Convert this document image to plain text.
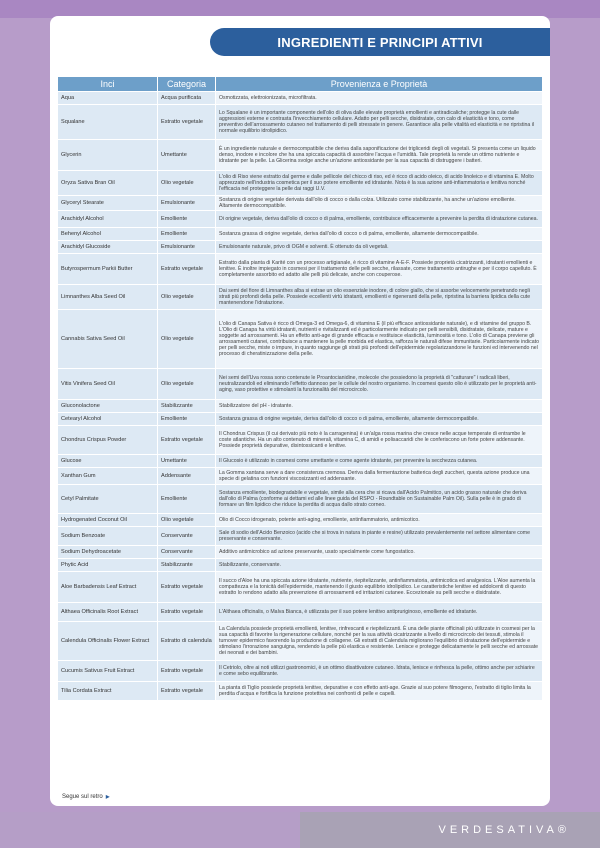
INGREDIENTI E PRINCIPI ATTIVI
Inci	Categoria	Provenienza e Proprietà
Aqua	Acqua purificata	Osmotizzata, elettroionizzata, microfiltrata.
Squalane	Estratto vegetale	Lo Squalane è un importante componente dell'olio di oliva dalle elevate proprietà emollienti e antiradicaliche; protegge la cute dalle aggressioni esterne e contrasta l'invecchiamento cellulare. Adatto per pelli secche, disidratate, con calo di elasticità e tono, come preventivo dell'arrossamento cutaneo nel trattamento di pelli stressate in genere. Garantisce alla pelle vitalità ed elasticità e ne ripristina il normale equilibrio idrolipidico.
Glycerin	Umettante	È un ingrediente naturale e dermocompatibile che deriva dalla saponificazione dei trigliceridi degli oli vegetali. Si presenta come un liquido denso, inodore e incolore che ha una spiccata capacità di assorbire l'acqua e l'umidità. Tale proprietà la rende un ottimo nutriente e idratante per la pelle. La Glicerina svolge anche un'azione antiossidante per la sua capacità di distruggere i batteri.
Oryza Sativa Bran Oil	Olio vegetale	L'olio di Riso viene estratto dal germe e dalle pellicole del chicco di riso, ed è ricco di acido oleico, di acido linoleico e di vitamina E. Molto apprezzato nell'industria cosmetica per il suo potere emolliente ed idratante. Nota è la sua azione anti-infiammatoria e lenitiva nonché l'efficacia nel proteggere la pelle dai raggi U.V.
Glyceryl Stearate	Emulsionante	Sostanza di origine vegetale derivata dall'olio di cocco o dalla colza. Utilizzato come stabilizzante, ha anche un'azione emolliente. Altamente dermocompatibile.
Arachidyl Alcohol	Emolliente	Di origine vegetale, deriva dall'olio di cocco o di palma, emolliente, contribuisce efficacemente a prevenire la perdita di idratazione cutanea.
Behenyl Alcohol	Emolliente	Sostanza grassa di origine vegetale, deriva dall'olio di cocco o di palma, emolliente, altamente dermocompatibile.
Arachidyl Glucoside	Emulsionante	Emulsionante naturale, privo di OGM e solventi. È ottenuto da oli vegetali.
Butyrospermum Parkii Butter	Estratto vegetale	Estratto dalla pianta di Karité con un processo artigianale, è ricco di vitamine A-E-F. Possiede proprietà cicatrizzanti, idratanti emollienti e lenitive. È inoltre impiegato in cosmesi per il trattamento delle pelli secche, rilassate, come trattamento antirughe e per il corpo capelluto. È completamente assorbito ed adatto alle pelli più delicate, anche con couperose.
Limnanthes Alba Seed Oil	Olio vegetale	Dai semi del fiore di Limnanthes alba si estrae un olio essenziale inodore, di colore giallo, che si assorbe velocemente penetrando negli strati più profondi della pelle. Possiede eccellenti virtù idratanti, emollienti e rigeneranti della pelle, ripristina la barriera lipidica della cute mantenendone l'idratazione.
Cannabis Sativa Seed Oil	Olio vegetale	L'olio di Canapa Sativa è ricco di Omega-3 ed Omega-6, di vitamina E (il più efficace antiossidante naturale), e di vitamine del gruppo B. L'Olio di Canapa ha virtù idratanti, nutrienti e rivitalizzanti ed è particolarmente indicato per pelli sensibili, disidratate, delicate, mature e soggette ad arrossamenti. Ha un effetto anti-age di grande efficacia e restituisce elasticità, luminosità e tono. L'olio di Canapa previene gli arrossamenti cutanei, contribuisce a mantenere la pelle morbida ed elastica, rafforza le naturali difese immunitarie. Particolarmente indicato per pelli secche, miste o impure, in quanto raggiunge gli strati più profondi dell'epidermide regolarizzandone le funzioni ed intervenendo nel processo di cheratinizzazione della pelle.
Vitis Vinifera Seed Oil	Olio vegetale	Nei semi dell'Uva rossa sono contenute le Proantocianidine, molecole che possiedono la proprietà di "catturare" i radicali liberi, neutralizzandoli ed eliminando l'effetto dannoso per le cellule del nostro organismo. In cosmesi questo olio è utilizzato per le proprietà anti-aging, vaso protettive e stimolanti la funzionalità del microcircolo.
Gluconolactone	Stabilizzante	Stabilizzatore del pH - idratante.
Cetearyl Alcohol	Emolliente	Sostanza grassa di origine vegetale, deriva dall'olio di cocco o di palma, emolliente, altamente dermocompatibile.
Chondrus Crispus Powder	Estratto vegetale	Il Chondrus Crispus (il cui derivato più noto è la carragenina) è un'alga rossa marina che cresce nelle acque temperate di entrambe le coste atlantiche. Ha un alto contenuto di minerali, vitamina C, di amidi e polisaccaridi che le conferiscono un forte potere addensante. Possiede proprietà depurative, disintossicanti e lenitive.
Glucose	Umettante	Il Glucosio è utilizzato in cosmesi come umettante e come agente idratante, per prevenire la secchezza cutanea.
Xanthan Gum	Addensante	La Gomma xantana serve a dare consistenza cremosa. Deriva dalla fermentazione batterica degli zuccheri, questa azione produce una specie di gelatina con funzioni viscosizzanti ed addensante.
Cetyl Palmitate	Emolliente	Sostanza emolliente, biodegradabile e vegetale, simile alla cera che si ricava dall'Acido Palmitico, un acido grasso naturale che deriva dall'olio di Palma (conforme ai dettami ed alle linee guida del RSPO - Roundtable on Sustainable Palm Oil). Sulla pelle è in grado di formare un film lipidico che riduce la perdita di acqua dallo strato corneo.
Hydrogenated Coconut Oil	Olio vegetale	Olio di Cocco idrogenato, potente anti-aging, emolliente, antinfiammatorio, antimicotico.
Sodium Benzoate	Conservante	Sale di sodio dell'Acido Benzoico (acido che si trova in natura in piante e resine) utilizzato prevalentemente nel settore alimentare come preservante e conservante.
Sodium Dehydroacetate	Conservante	Additivo antimicrobico ad azione preservante, usato specialmente come fungostatico.
Phytic Acid	Stabilizzante	Stabilizzante, conservante.
Aloe Barbadensis Leaf Extract	Estratto vegetale	Il succo d'Aloe ha una spiccata azione idratante, nutriente, riepitelizzante, antinfiammatoria, antimicotica ed analgesica. L'Aloe aumenta la compattezza e la tonicità dell'epidermide, mantenendo il giusto equilibrio idrolipidico. Le caratteristiche lenitive ed addolcenti di questo estratto lo rendono adatto alla prevenzione di arrossamenti ed irritazioni cutanee. Eccezionale su pelli secche e disidratate.
Althaea Officinalis Root Extract	Estratto vegetale	L'Althaea officinalis, o Malva Bianca, è utilizzata per il suo potere lenitivo antipruriginoso, emolliente ed idratante.
Calendula Officinalis Flower Extract	Estratto di calendula	La Calendula possiede proprietà emollienti, lenitive, rinfrescanti e riepitelizzanti. È una delle piante officinali più utilizzate in cosmesi per la sua capacità di favorire la rigenerazione cellulare, nonché per la sua attività cicatrizzante a livello di microcircolo dei tessuti, stimola il turnover epidermico favorendo la produzione di collagene. Gli estratti di Calendula migliorano l'equilibrio di idratazione dell'epidermide e stimolano l'irrorazione sanguigna, rendendo la pelle più elastica e resistente. Lenisce e protegge delicatamente le pelli secche ed arrossate dei neonati e dei bambini.
Cucumis Sativus Fruit Extract	Estratto vegetale	Il Cetriolo, oltre ai noti utilizzi gastronomici, è un ottimo disattivatore cutaneo. Idrata, lenisce e rinfresca la pelle, ottimo anche per schiarire e come sebo equilibrante.
Tilia Cordata Extract	Estratto vegetale	La pianta di Tiglio possiede proprietà lenitive, depurative e con effetto anti-age. Grazie al suo potere filmogeno, l'estratto di tiglio limita la perdita d'acqua e fortifica la funzione protettiva nei confronti di pelle e capelli.
Segue sul retro ▸
VERDESATIVA®
